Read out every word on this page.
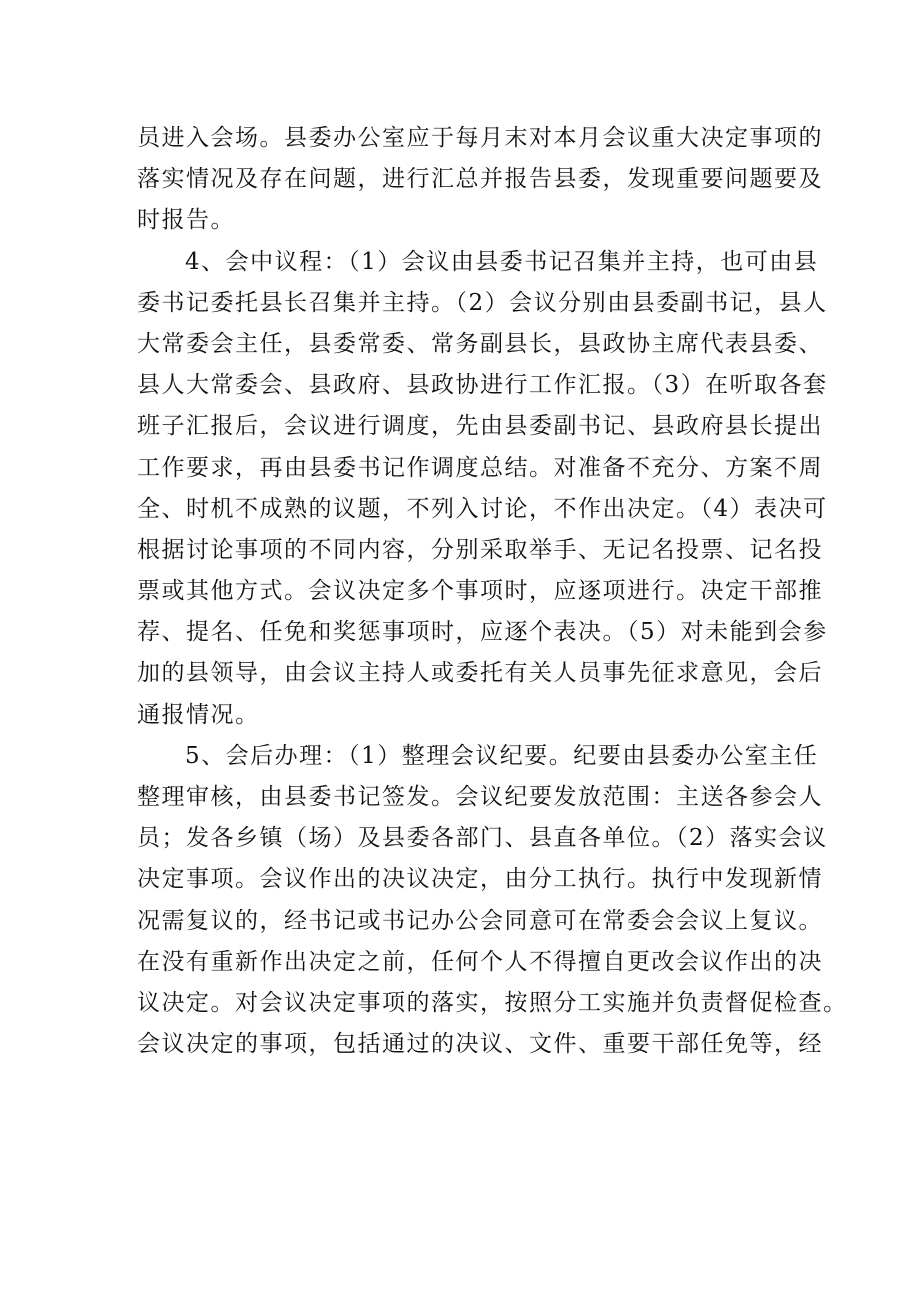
员进入会场。县委办公室应于每月末对本月会议重大决定事项的
落实情况及存在问题，进行汇总并报告县委，发现重要问题要及
时报告。
4、会中议程：（1）会议由县委书记召集并主持，也可由县
委书记委托县长召集并主持。（2）会议分别由县委副书记，县人
大常委会主任，县委常委、常务副县长，县政协主席代表县委、
县人大常委会、县政府、县政协进行工作汇报。（3）在听取各套
班子汇报后，会议进行调度，先由县委副书记、县政府县长提出
工作要求，再由县委书记作调度总结。对准备不充分、方案不周
全、时机不成熟的议题，不列入讨论，不作出决定。（4）表决可
根据讨论事项的不同内容，分别采取举手、无记名投票、记名投
票或其他方式。会议决定多个事项时，应逐项进行。决定干部推
荐、提名、任免和奖惩事项时，应逐个表决。（5）对未能到会参
加的县领导，由会议主持人或委托有关人员事先征求意见，会后
通报情况。
5、会后办理：（1）整理会议纪要。纪要由县委办公室主任
整理审核，由县委书记签发。会议纪要发放范围：主送各参会人
员；发各乡镇（场）及县委各部门、县直各单位。（2）落实会议
决定事项。会议作出的决议决定，由分工执行。执行中发现新情
况需复议的，经书记或书记办公会同意可在常委会会议上复议。
在没有重新作出决定之前，任何个人不得擅自更改会议作出的决
议决定。对会议决定事项的落实，按照分工实施并负责督促检查。
会议决定的事项，包括通过的决议、文件、重要干部任免等，经
